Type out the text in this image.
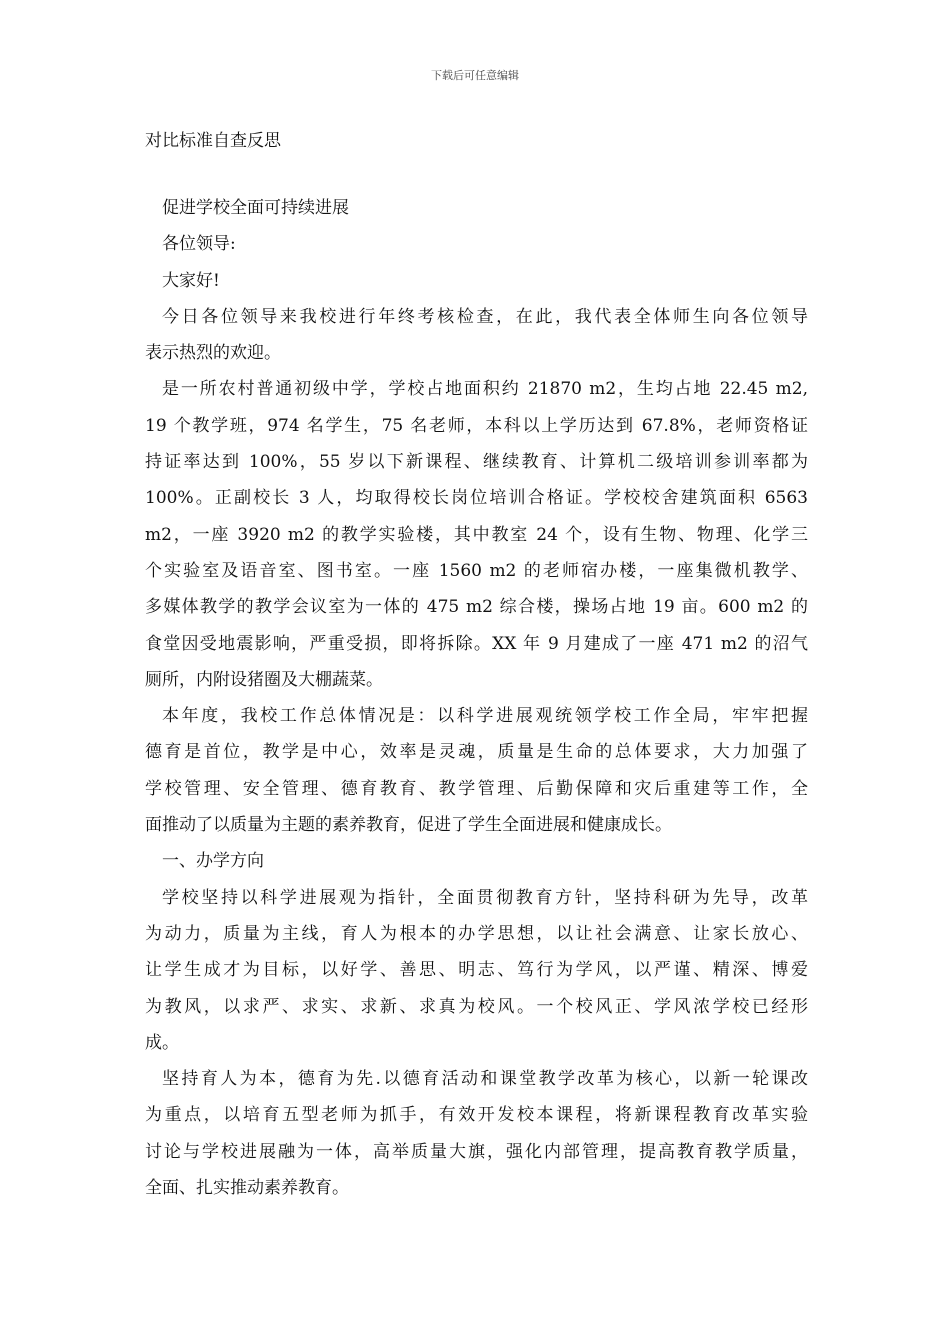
下载后可任意编辑
对比标准自查反思
促进学校全面可持续进展
各位领导:
大家好!
今日各位领导来我校进行年终考核检查，在此，我代表全体师生向各位领导
表示热烈的欢迎。
是一所农村普通初级中学，学校占地面积约 21870 m2，生均占地 22.45 m2,
19 个教学班，974 名学生，75 名老师，本科以上学历达到 67.8%，老师资格证
持证率达到 100%，55 岁以下新课程、继续教育、计算机二级培训参训率都为
100%。正副校长 3 人，均取得校长岗位培训合格证。学校校舍建筑面积 6563
m2，一座 3920 m2 的教学实验楼，其中教室 24 个，设有生物、物理、化学三
个实验室及语音室、图书室。一座 1560 m2 的老师宿办楼，一座集微机教学、
多媒体教学的教学会议室为一体的 475 m2 综合楼，操场占地 19 亩。600 m2 的
食堂因受地震影响，严重受损，即将拆除。XX 年 9 月建成了一座 471 m2 的沼气
厕所，内附设猪圈及大棚蔬菜。
本年度，我校工作总体情况是：以科学进展观统领学校工作全局，牢牢把握
德育是首位，教学是中心，效率是灵魂，质量是生命的总体要求，大力加强了
学校管理、安全管理、德育教育、教学管理、后勤保障和灾后重建等工作，全
面推动了以质量为主题的素养教育，促进了学生全面进展和健康成长。
一、办学方向
学校坚持以科学进展观为指针，全面贯彻教育方针，坚持科研为先导，改革
为动力，质量为主线，育人为根本的办学思想，以让社会满意、让家长放心、
让学生成才为目标，以好学、善思、明志、笃行为学风，以严谨、精深、博爱
为教风，以求严、求实、求新、求真为校风。一个校风正、学风浓学校已经形
成。
坚持育人为本，德育为先.以德育活动和课堂教学改革为核心，以新一轮课改
为重点，以培育五型老师为抓手，有效开发校本课程，将新课程教育改革实验
讨论与学校进展融为一体，高举质量大旗，强化内部管理，提高教育教学质量，
全面、扎实推动素养教育。
